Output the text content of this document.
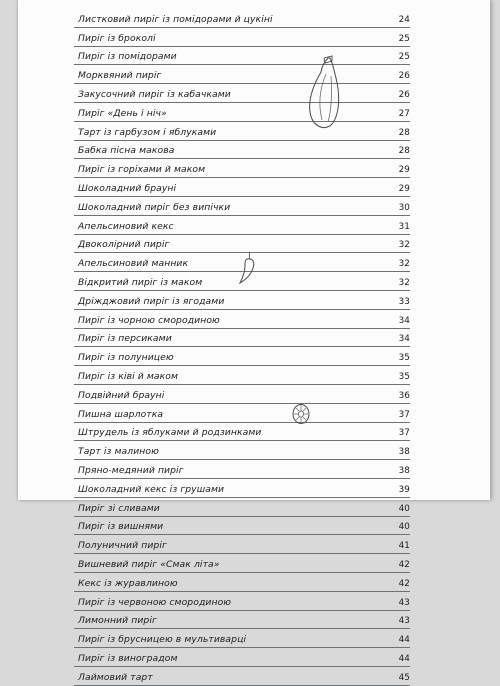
Листковий пиріг із помідорами й цукіні	24
Пиріг із броколі	25
Пиріг із помідорами	25
Морквяний пиріг	26
Закусочний пиріг із кабачками	26
Пиріг «День і ніч»	27
Тарт із гарбузом і яблуками	28
Бабка пісна макова	28
Пиріг із горіхами й маком	29
Шоколадний брауні	29
Шоколадний пиріг без випічки	30
Апельсиновий кекс	31
Двоколірний пиріг	32
Апельсиновий манник	32
Відкритий пиріг із маком	32
Дріжджовий пиріг із ягодами	33
Пиріг із чорною смородиною	34
Пиріг із персиками	34
Пиріг із полуницею	35
Пиріг із ківі й маком	35
Подвійний брауні	36
Пишна шарлотка	37
Штрудель із яблуками й родзинками	37
Тарт із малиною	38
Пряно-медяний пиріг	38
Шоколадний кекс із грушами	39
Пиріг зі сливами	40
Пиріг із вишнями	40
Полуничний пиріг	41
Вишневий пиріг «Смак літа»	42
Кекс із журавлиною	42
Пиріг із червоною смородиною	43
Лимонний пиріг	43
Пиріг із брусницею в мультиварці	44
Пиріг із виноградом	44
Лаймовий тарт	45
